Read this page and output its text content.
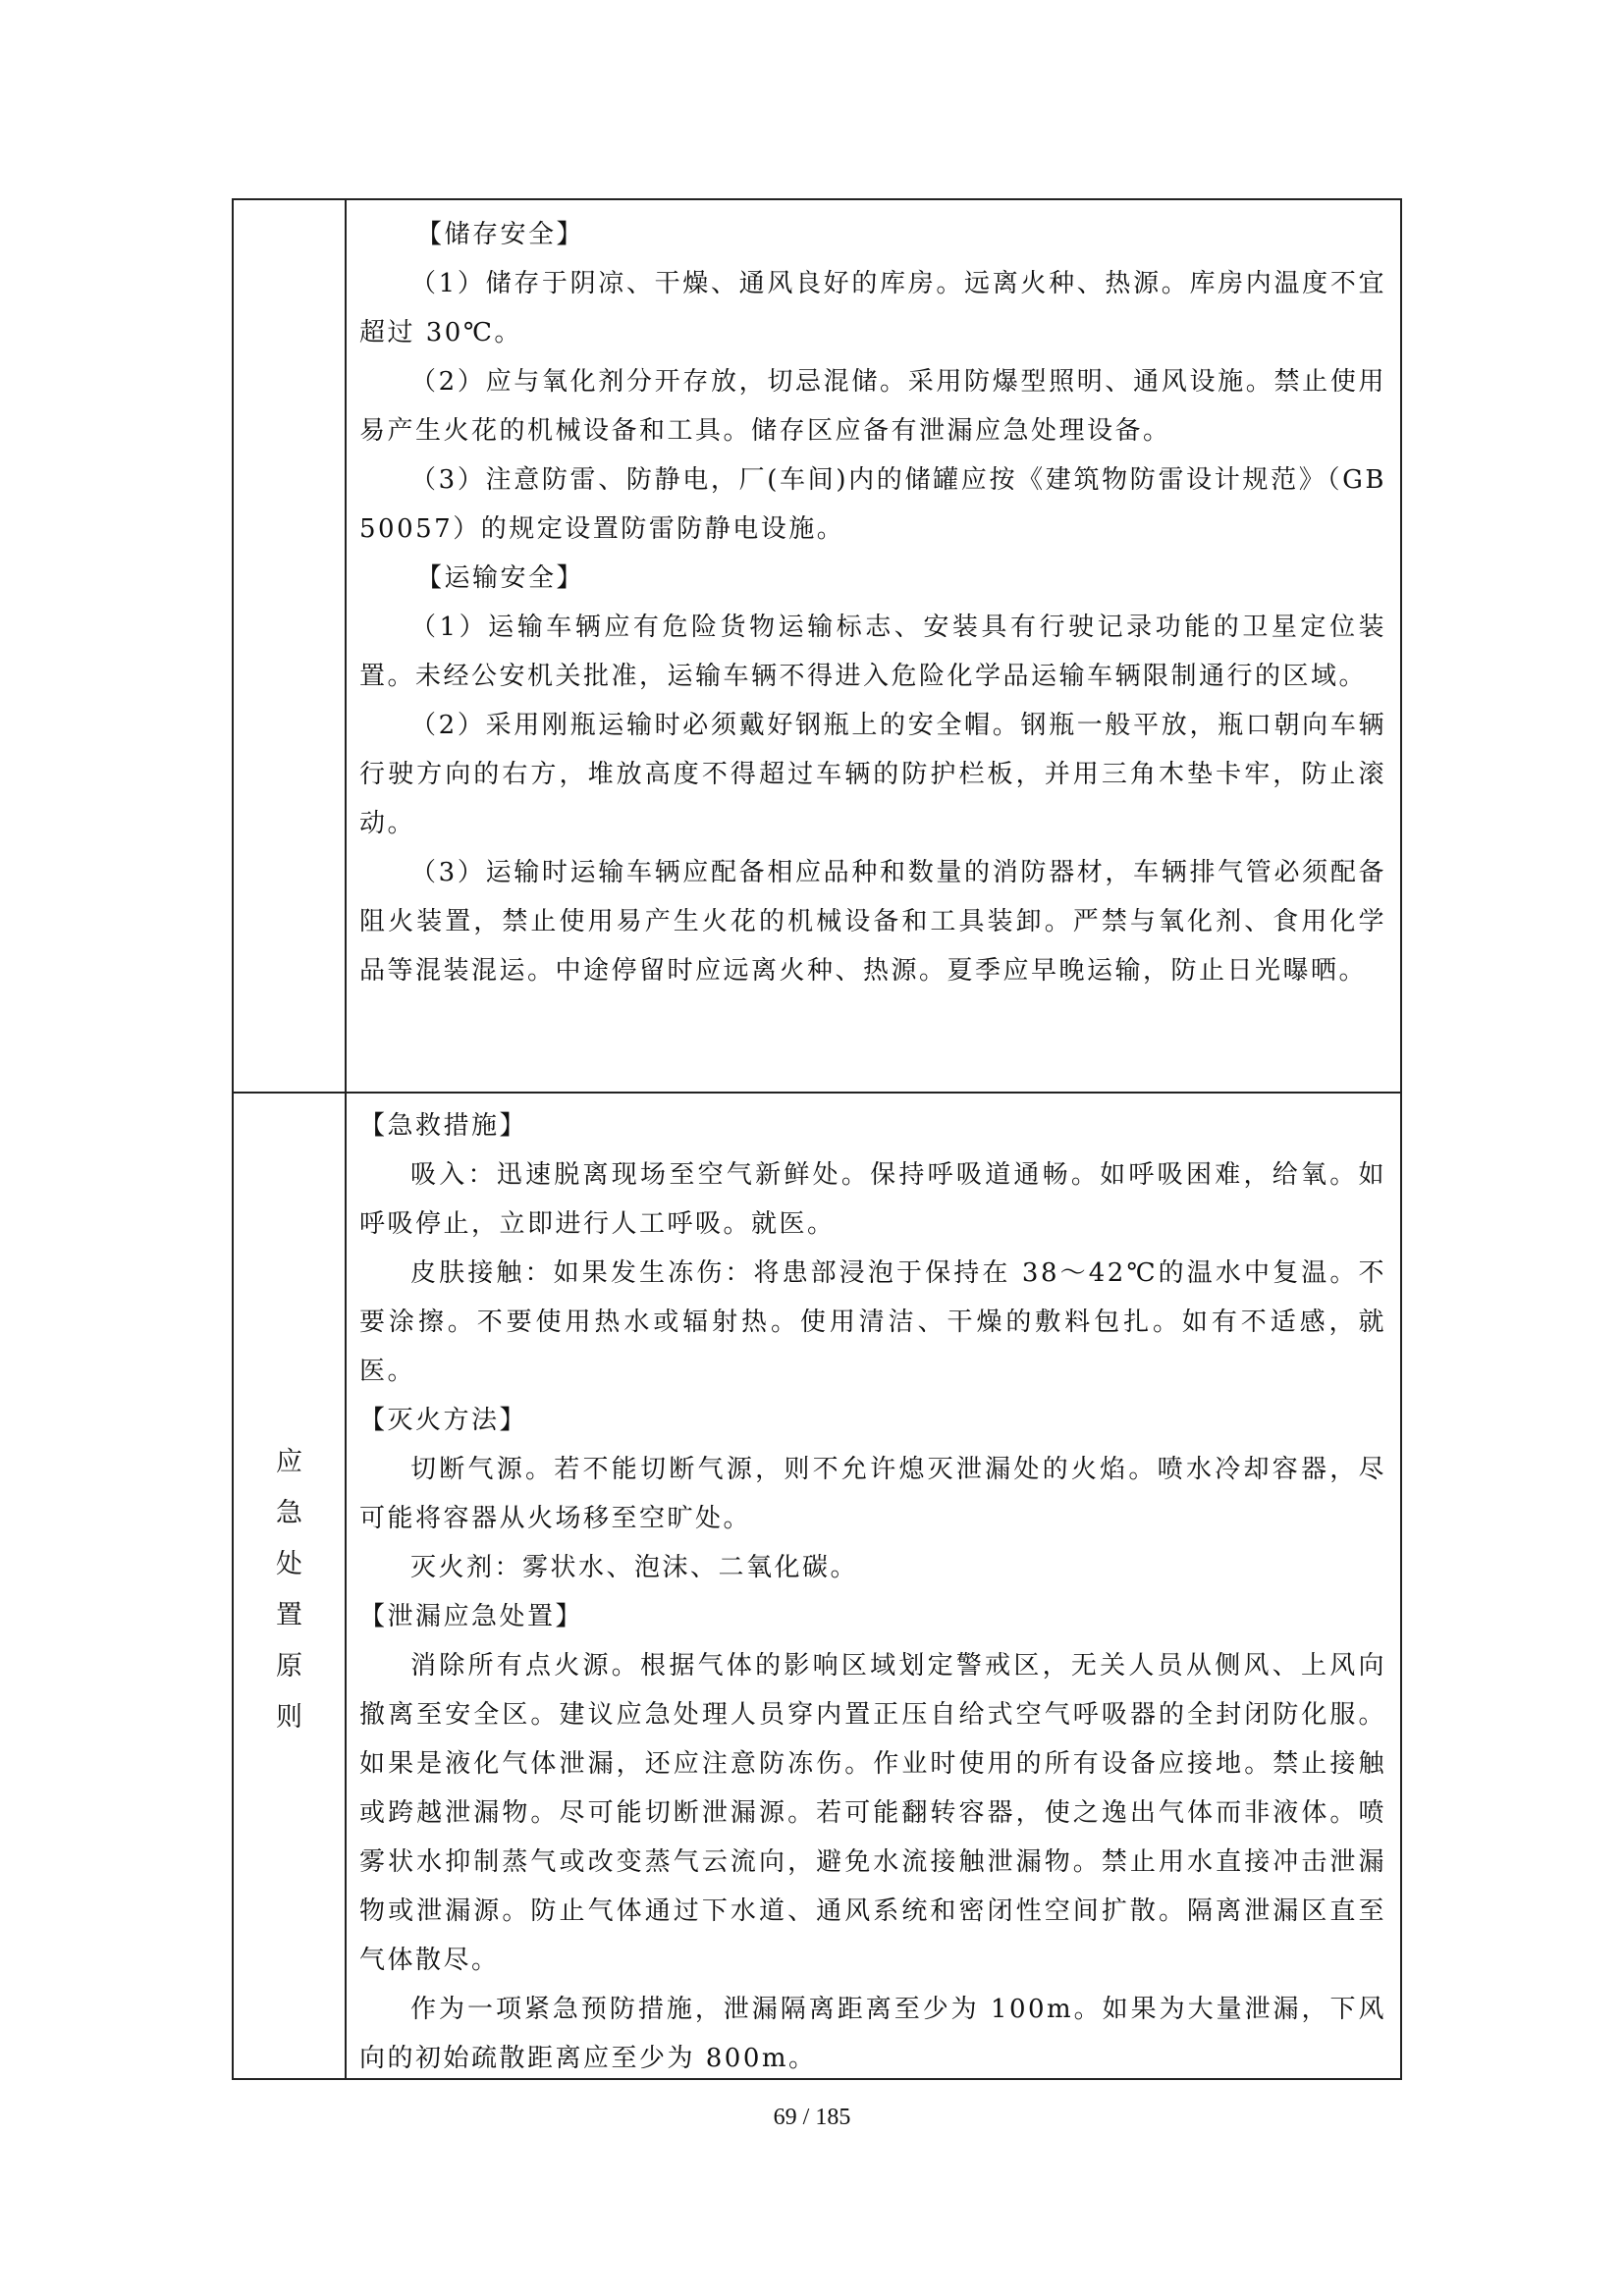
【储存安全】

（1）储存于阴凉、干燥、通风良好的库房。远离火种、热源。库房内温度不宜超过 30℃。

（2）应与氧化剂分开存放，切忌混储。采用防爆型照明、通风设施。禁止使用易产生火花的机械设备和工具。储存区应备有泄漏应急处理设备。

（3）注意防雷、防静电，厂(车间)内的储罐应按《建筑物防雷设计规范》（GB 50057）的规定设置防雷防静电设施。

【运输安全】

（1）运输车辆应有危险货物运输标志、安装具有行驶记录功能的卫星定位装置。未经公安机关批准，运输车辆不得进入危险化学品运输车辆限制通行的区域。

（2）采用刚瓶运输时必须戴好钢瓶上的安全帽。钢瓶一般平放，瓶口朝向车辆行驶方向的右方，堆放高度不得超过车辆的防护栏板，并用三角木垫卡牢，防止滚动。

（3）运输时运输车辆应配备相应品种和数量的消防器材，车辆排气管必须配备阻火装置，禁止使用易产生火花的机械设备和工具装卸。严禁与氧化剂、食用化学品等混装混运。中途停留时应远离火种、热源。夏季应早晚运输，防止日光曝晒。

应
急
处
置
原
则

【急救措施】

吸入：迅速脱离现场至空气新鲜处。保持呼吸道通畅。如呼吸困难，给氧。如呼吸停止，立即进行人工呼吸。就医。

皮肤接触：如果发生冻伤：将患部浸泡于保持在 38～42℃的温水中复温。不要涂擦。不要使用热水或辐射热。使用清洁、干燥的敷料包扎。如有不适感，就医。

【灭火方法】

切断气源。若不能切断气源，则不允许熄灭泄漏处的火焰。喷水冷却容器，尽可能将容器从火场移至空旷处。

灭火剂：雾状水、泡沫、二氧化碳。

【泄漏应急处置】

消除所有点火源。根据气体的影响区域划定警戒区，无关人员从侧风、上风向撤离至安全区。建议应急处理人员穿内置正压自给式空气呼吸器的全封闭防化服。如果是液化气体泄漏，还应注意防冻伤。作业时使用的所有设备应接地。禁止接触或跨越泄漏物。尽可能切断泄漏源。若可能翻转容器，使之逸出气体而非液体。喷雾状水抑制蒸气或改变蒸气云流向，避免水流接触泄漏物。禁止用水直接冲击泄漏物或泄漏源。防止气体通过下水道、通风系统和密闭性空间扩散。隔离泄漏区直至气体散尽。

作为一项紧急预防措施，泄漏隔离距离至少为 100m。如果为大量泄漏，下风向的初始疏散距离应至少为 800m。

69 / 185
